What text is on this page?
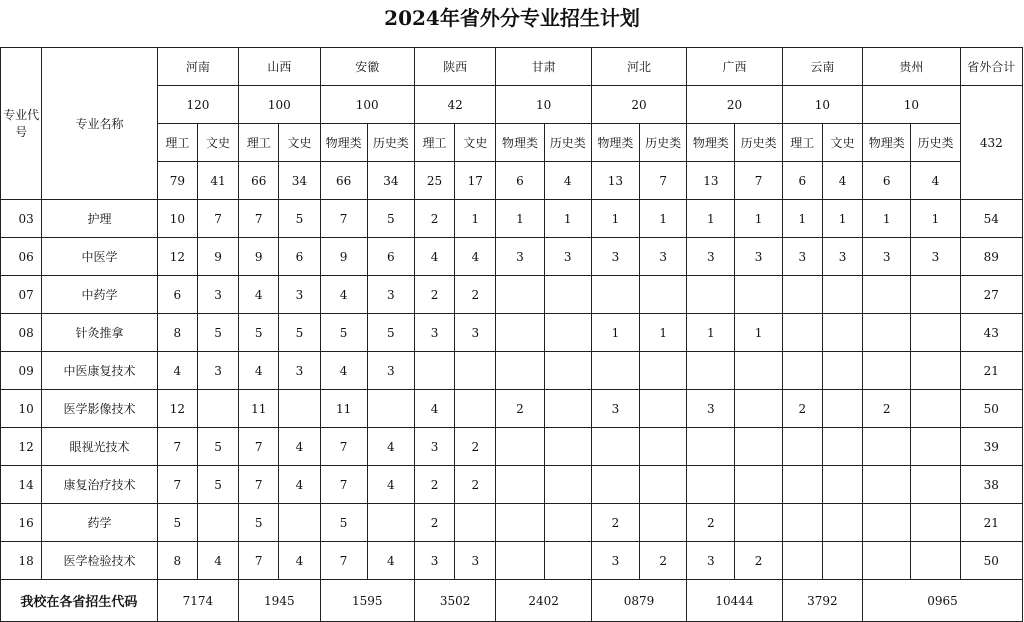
2024年省外分专业招生计划
专业代号	专业名称	河南		山西		安徽		陕西		甘肃		河北		广西		云南		贵州		省外合计
		120		100		100		42		10		20		20		10		10		432
		理工	文史	理工	文史	物理类	历史类	理工	文史	物理类	历史类	物理类	历史类	物理类	历史类	理工	文史	物理类	历史类	
		79	41	66	34	66	34	25	17	6	4	13	7	13	7	6	4	6	4	
03	护理	10	7	7	5	7	5	2	1	1	1	1	1	1	1	1	1	1	1	54
06	中医学	12	9	9	6	9	6	4	4	3	3	3	3	3	3	3	3	3	3	89
07	中药学	6	3	4	3	4	3	2	2											27
08	针灸推拿	8	5	5	5	5	5	3	3			1	1	1	1					43
09	中医康复技术	4	3	4	3	4	3													21
10	医学影像技术	12		11		11		4		2		3		3		2		2		50
12	眼视光技术	7	5	7	4	7	4	3	2											39
14	康复治疗技术	7	5	7	4	7	4	2	2											38
16	药学	5		5		5		2				2		2						21
18	医学检验技术	8	4	7	4	7	4	3	3			3	2	3	2					50
我校在各省招生代码		7174		1945		1595		3502		2402		0879		10444		3792		0965		
